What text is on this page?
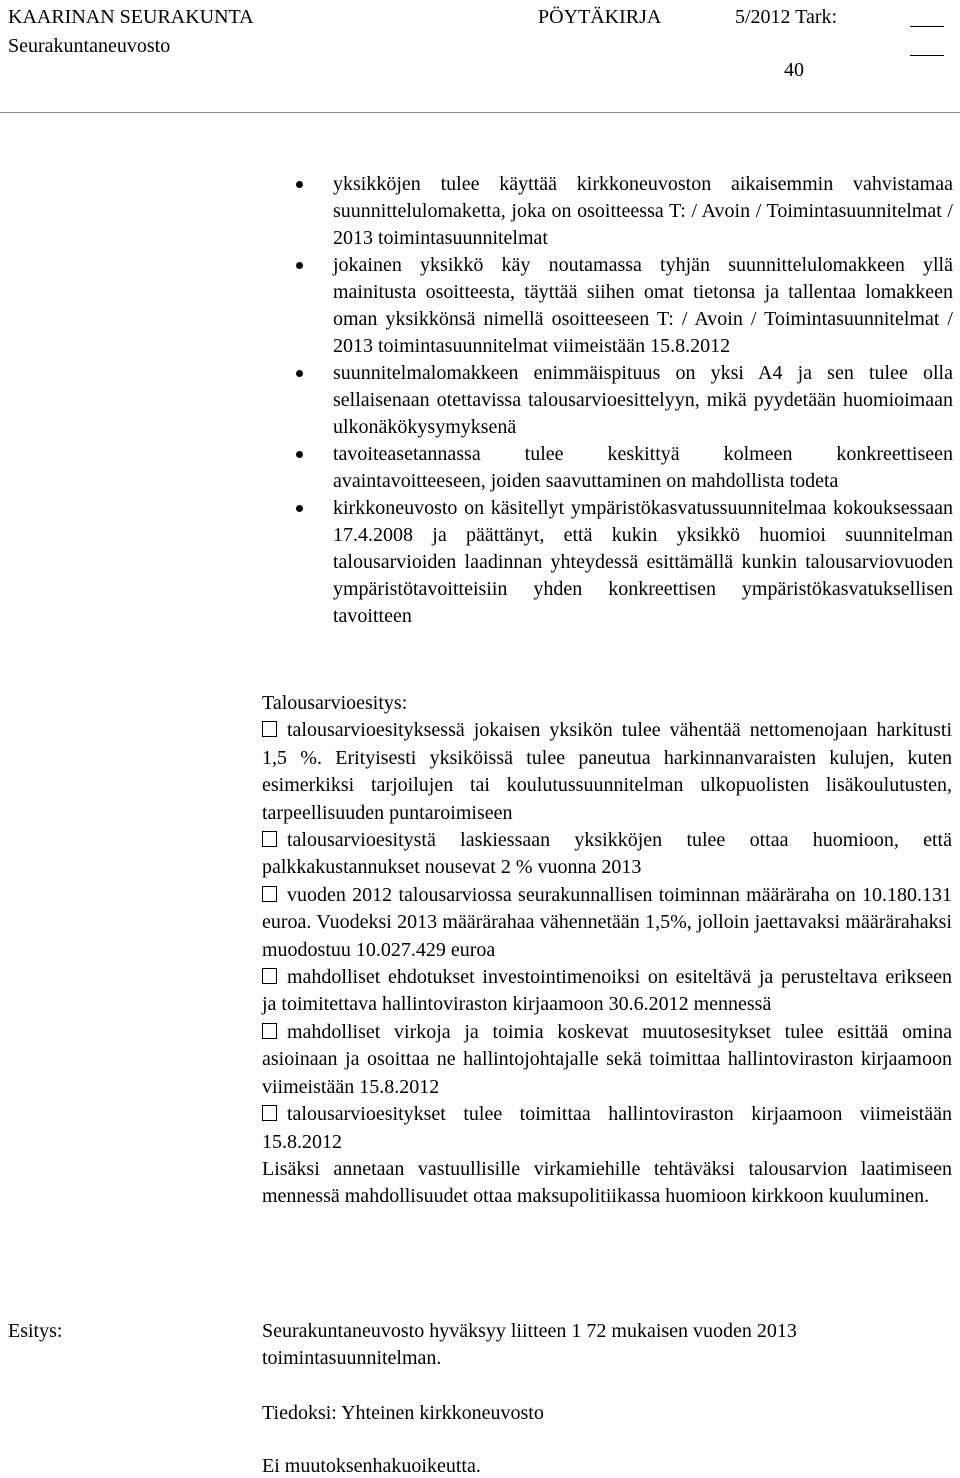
KAARINAN SEURAKUNTA	PÖYTÄKIRJA	5/2012 Tark:
Seurakuntaneuvosto
40
yksikköjen tulee käyttää kirkkoneuvoston aikaisemmin vahvistamaa suunnittelulomaketta, joka on osoitteessa T: / Avoin / Toimintasuunnitelmat / 2013 toimintasuunnitelmat
jokainen yksikkö käy noutamassa tyhjän suunnittelulomakkeen yllä mainitusta osoitteesta, täyttää siihen omat tietonsa ja tallentaa lomakkeen oman yksikkönsä nimellä osoitteeseen T: / Avoin / Toimintasuunnitelmat / 2013 toimintasuunnitelmat viimeistään 15.8.2012
suunnitelmalomakkeen enimmäispituus on yksi A4 ja sen tulee olla sellaisenaan otettavissa talousarvioesittelyyn, mikä pyydetään huomioimaan ulkonäkökysymyksenä
tavoiteasetannassa tulee keskittyä kolmeen konkreettiseen avaintavoitteeseen, joiden saavuttaminen on mahdollista todeta
kirkkoneuvosto on käsitellyt ympäristökasvatussuunnitelmaa kokouksessaan 17.4.2008 ja päättänyt, että kukin yksikkö huomioi suunnitelman talousarvioiden laadinnan yhteydessä esittämällä kunkin talousarviovuoden ympäristötavoitteisiin yhden konkreettisen ympäristökasvatuksellisen tavoitteen

Talousarvioesitys:

talousarvioesityksessä jokaisen yksikön tulee vähentää nettomenojaan harkitusti 1,5 %. Erityisesti yksiköissä tulee paneutua harkinnanvaraisten kulujen, kuten esimerkiksi tarjoilujen tai koulutussuunnitelman ulkopuolisten lisäkoulutusten, tarpeellisuuden puntaroimiseen

talousarvioesitystä laskiessaan yksikköjen tulee ottaa huomioon, että palkkakustannukset nousevat 2 % vuonna 2013

vuoden 2012 talousarviossa seurakunnallisen toiminnan määräraha on 10.180.131 euroa. Vuodeksi 2013 määrärahaa vähennetään 1,5%, jolloin jaettavaksi määrärahaksi muodostuu 10.027.429 euroa

mahdolliset ehdotukset investointimenoiksi on esiteltävä ja perusteltava erikseen ja toimitettava hallintoviraston kirjaamoon 30.6.2012 mennessä

mahdolliset virkoja ja toimia koskevat muutosesitykset tulee esittää omina asioinaan ja osoittaa ne hallintojohtajalle sekä toimittaa hallintoviraston kirjaamoon viimeistään 15.8.2012

talousarvioesitykset tulee toimittaa hallintoviraston kirjaamoon viimeistään 15.8.2012

Lisäksi annetaan vastuullisille virkamiehille tehtäväksi talousarvion laatimiseen mennessä mahdollisuudet ottaa maksupolitiikassa huomioon kirkkoon kuuluminen.

Esitys:	Seurakuntaneuvosto hyväksyy liitteen 1 72 mukaisen vuoden 2013 toimintasuunnitelman.

Tiedoksi: Yhteinen kirkkoneuvosto
Ei muutoksenhakuoikeutta.
